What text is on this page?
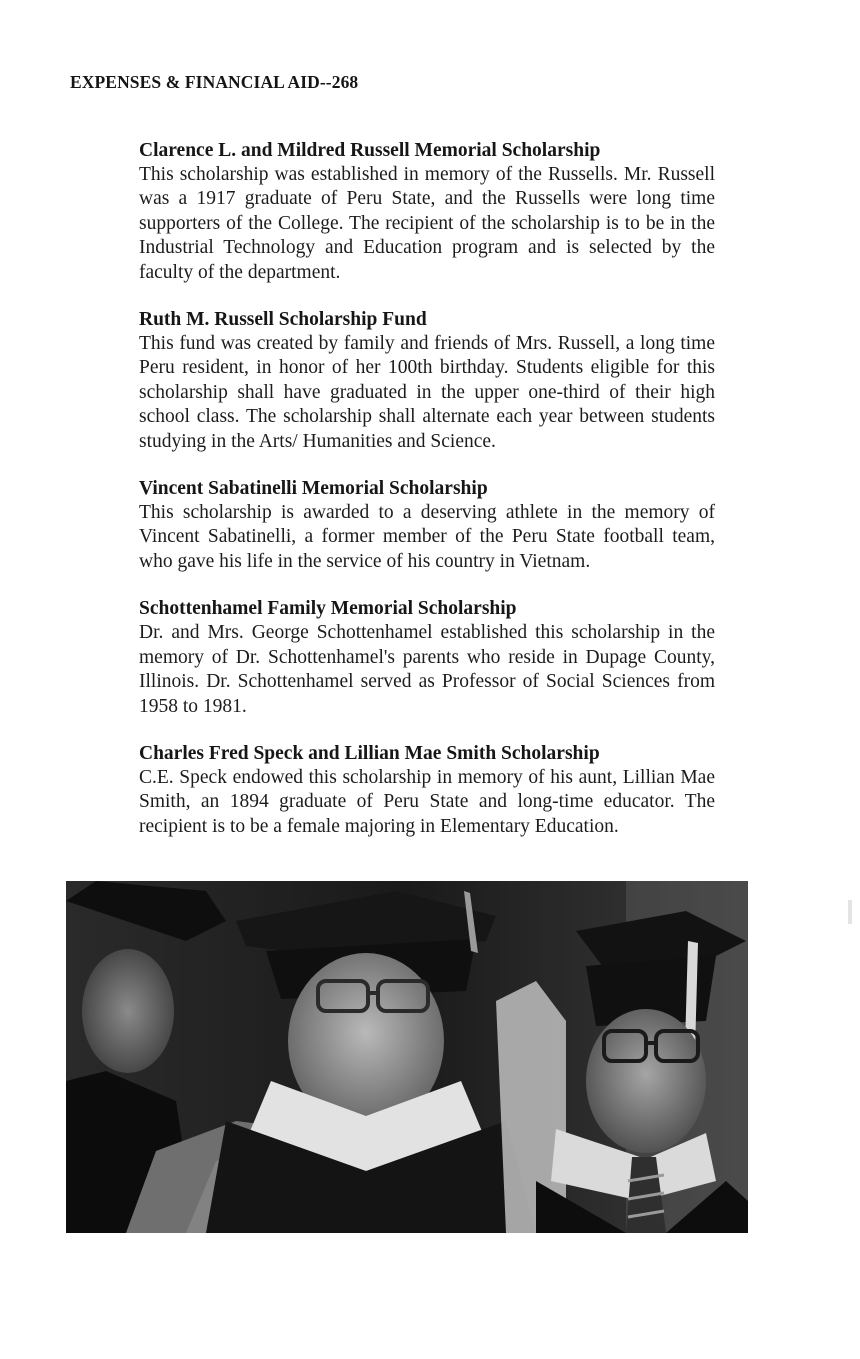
EXPENSES & FINANCIAL AID--268
Clarence L. and Mildred Russell Memorial Scholarship

This scholarship was established in memory of the Russells. Mr. Russell was a 1917 graduate of Peru State, and the Russells were long time supporters of the College. The recipient of the scholarship is to be in the Industrial Technology and Education program and is selected by the faculty of the department.

Ruth M. Russell Scholarship Fund

This fund was created by family and friends of Mrs. Russell, a long time Peru resident, in honor of her 100th birthday. Students eligible for this scholarship shall have graduated in the upper one-third of their high school class. The scholarship shall alternate each year between students studying in the Arts/ Humanities and Science.

Vincent Sabatinelli Memorial Scholarship

This scholarship is awarded to a deserving athlete in the memory of Vincent Sabatinelli, a former member of the Peru State football team, who gave his life in the service of his country in Vietnam.

Schottenhamel Family Memorial Scholarship

Dr. and Mrs. George Schottenhamel established this scholarship in the memory of Dr. Schottenhamel's parents who reside in Dupage County, Illinois. Dr. Schottenhamel served as Professor of Social Sciences from 1958 to 1981.

Charles Fred Speck and Lillian Mae Smith Scholarship

C.E. Speck endowed this scholarship in memory of his aunt, Lillian Mae Smith, an 1894 graduate of Peru State and long-time educator. The recipient is to be a female majoring in Elementary Education.
